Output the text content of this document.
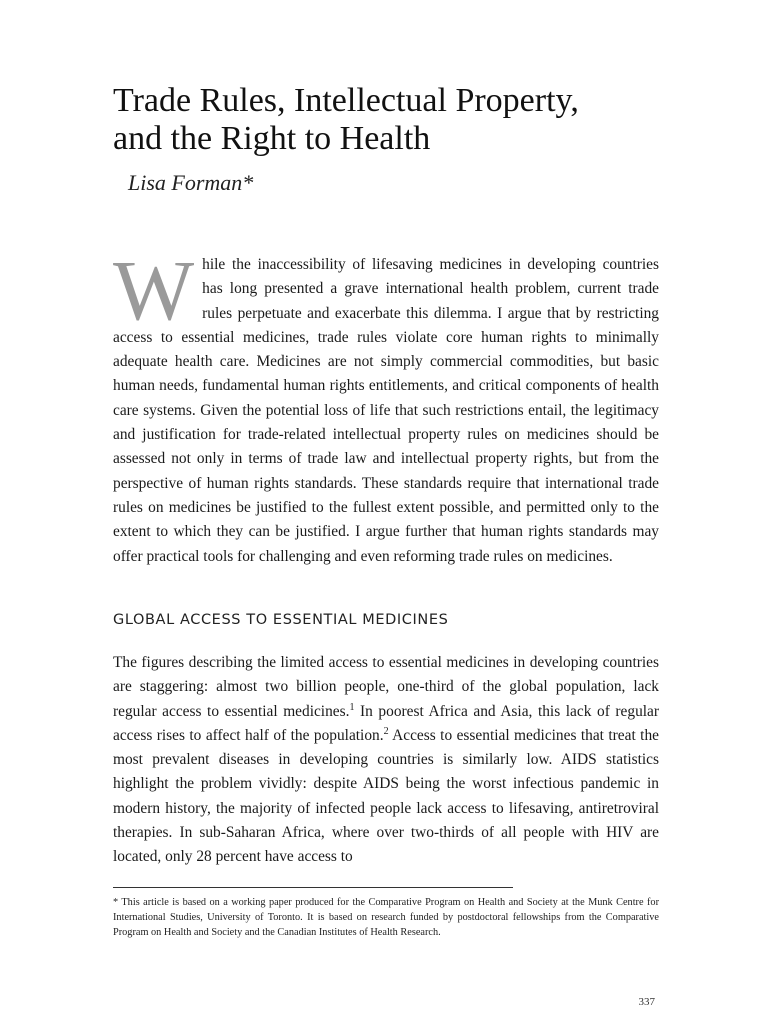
Trade Rules, Intellectual Property,
and the Right to Health
Lisa Forman*

While the inaccessibility of lifesaving medicines in developing countries has long presented a grave international health problem, current trade rules perpetuate and exacerbate this dilemma. I argue that by restricting access to essential medicines, trade rules violate core human rights to minimally adequate health care. Medicines are not simply commercial commodities, but basic human needs, fundamental human rights entitlements, and critical components of health care systems. Given the potential loss of life that such restrictions entail, the legitimacy and justification for trade-related intellectual property rules on medicines should be assessed not only in terms of trade law and intellectual property rights, but from the perspective of human rights standards. These standards require that international trade rules on medicines be justified to the fullest extent possible, and permitted only to the extent to which they can be justified. I argue further that human rights standards may offer practical tools for challenging and even reforming trade rules on medicines.

GLOBAL ACCESS TO ESSENTIAL MEDICINES

The figures describing the limited access to essential medicines in developing countries are staggering: almost two billion people, one-third of the global population, lack regular access to essential medicines.$^1$ In poorest Africa and Asia, this lack of regular access rises to affect half of the population.$^2$ Access to essential medicines that treat the most prevalent diseases in developing countries is similarly low. AIDS statistics highlight the problem vividly: despite AIDS being the worst infectious pandemic in modern history, the majority of infected people lack access to lifesaving, antiretroviral therapies. In sub-Saharan Africa, where over two-thirds of all people with HIV are located, only 28 percent have access to

* This article is based on a working paper produced for the Comparative Program on Health and Society at the Munk Centre for International Studies, University of Toronto. It is based on research funded by postdoctoral fellowships from the Comparative Program on Health and Society and the Canadian Institutes of Health Research.

337
